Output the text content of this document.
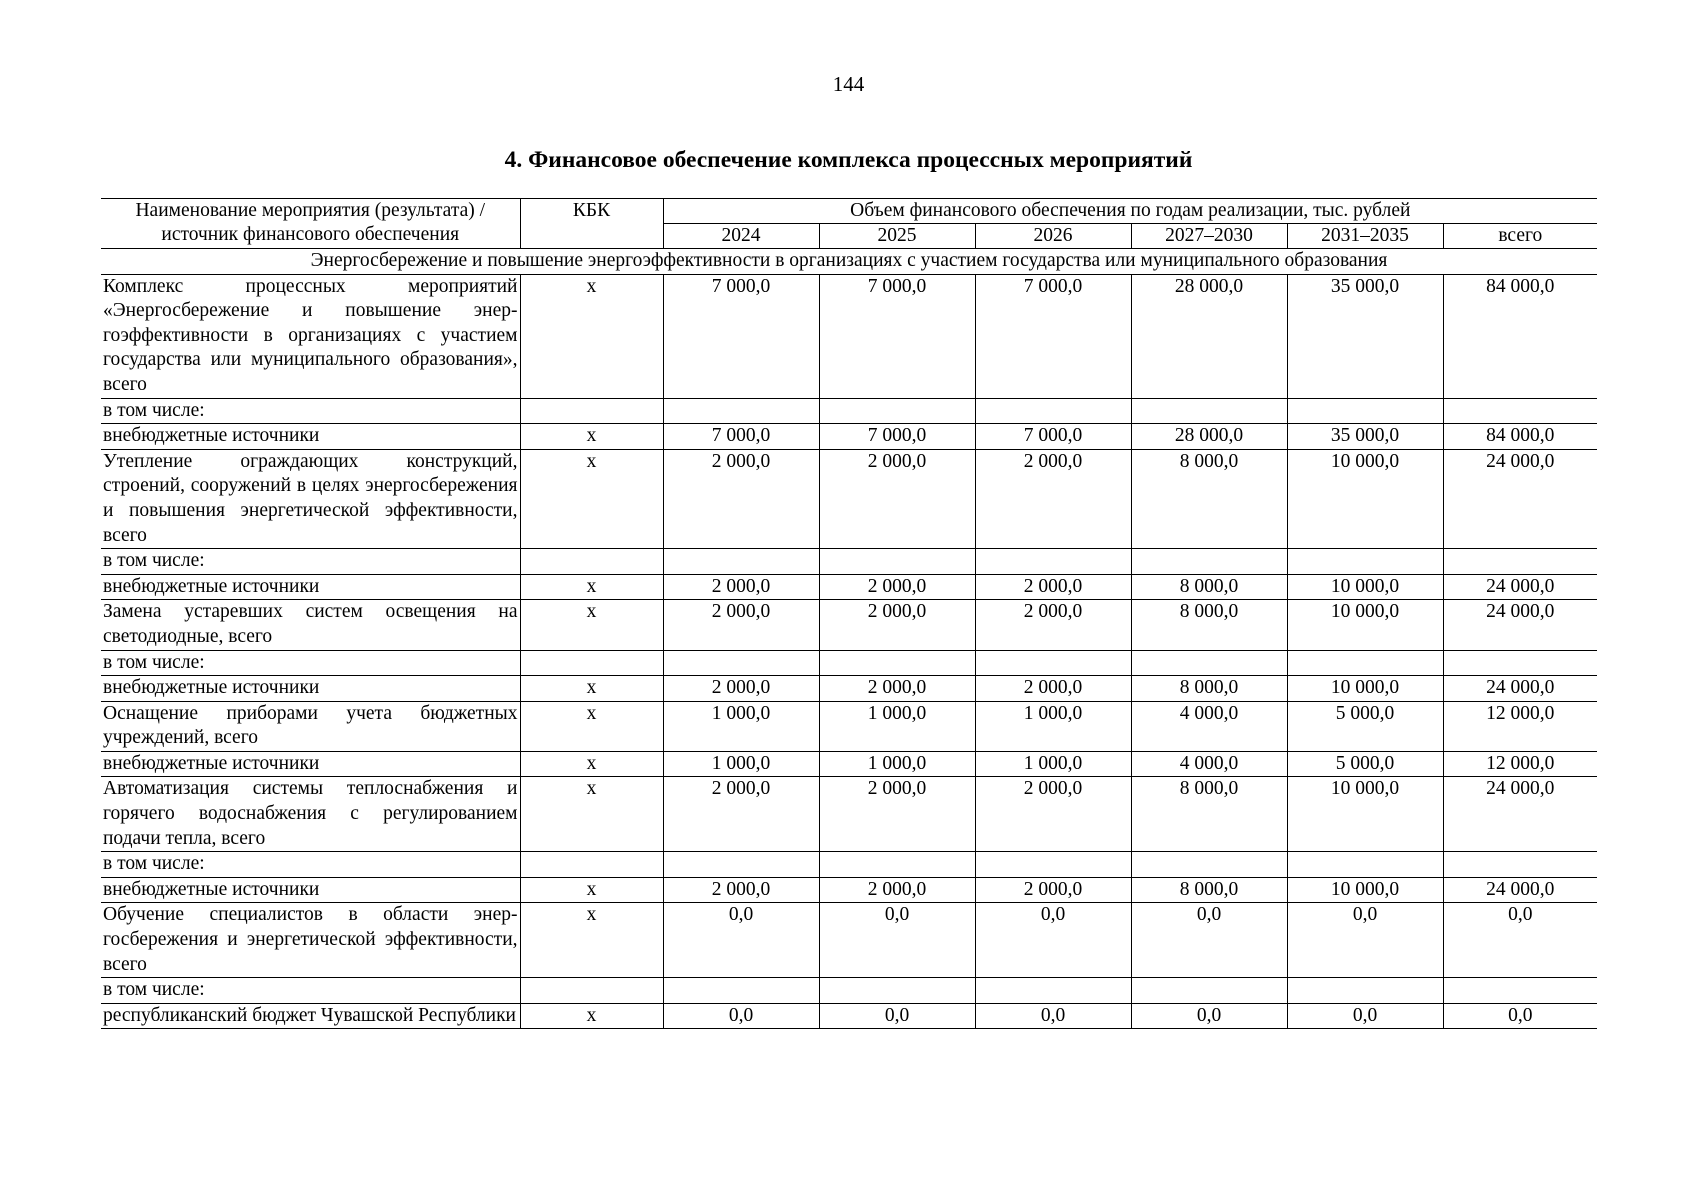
144
4. Финансовое обеспечение комплекса процессных мероприятий
Наименование мероприятия (результата) / источник финансового обеспечения	КБК	Объем финансового обеспечения по годам реализации, тыс. рублей					
		2024	2025	2026	2027–2030	2031–2035	всего
Энергосбережение и повышение энергоэффективности в организациях с участием государства или муниципального образования							
Комплекс процессных мероприятий «Энергосбережение и повышение энергоэффективности в организациях с участием государства или муниципального образования», всего	х	7 000,0	7 000,0	7 000,0	28 000,0	35 000,0	84 000,0
в том числе:							
внебюджетные источники	х	7 000,0	7 000,0	7 000,0	28 000,0	35 000,0	84 000,0
Утепление ограждающих конструкций, строений, сооружений в целях энергосбережения и повышения энергетической эффективности, всего	х	2 000,0	2 000,0	2 000,0	8 000,0	10 000,0	24 000,0
в том числе:							
внебюджетные источники	х	2 000,0	2 000,0	2 000,0	8 000,0	10 000,0	24 000,0
Замена устаревших систем освещения на светодиодные, всего	х	2 000,0	2 000,0	2 000,0	8 000,0	10 000,0	24 000,0
в том числе:							
внебюджетные источники	х	2 000,0	2 000,0	2 000,0	8 000,0	10 000,0	24 000,0
Оснащение приборами учета бюджетных учреждений, всего	х	1 000,0	1 000,0	1 000,0	4 000,0	5 000,0	12 000,0
внебюджетные источники	х	1 000,0	1 000,0	1 000,0	4 000,0	5 000,0	12 000,0
Автоматизация системы теплоснабжения и горячего водоснабжения с регулированием подачи тепла, всего	х	2 000,0	2 000,0	2 000,0	8 000,0	10 000,0	24 000,0
в том числе:							
внебюджетные источники	х	2 000,0	2 000,0	2 000,0	8 000,0	10 000,0	24 000,0
Обучение специалистов в области энергосбережения и энергетической эффективности, всего	х	0,0	0,0	0,0	0,0	0,0	0,0
в том числе:							
республиканский бюджет Чувашской Республики	х	0,0	0,0	0,0	0,0	0,0	0,0
